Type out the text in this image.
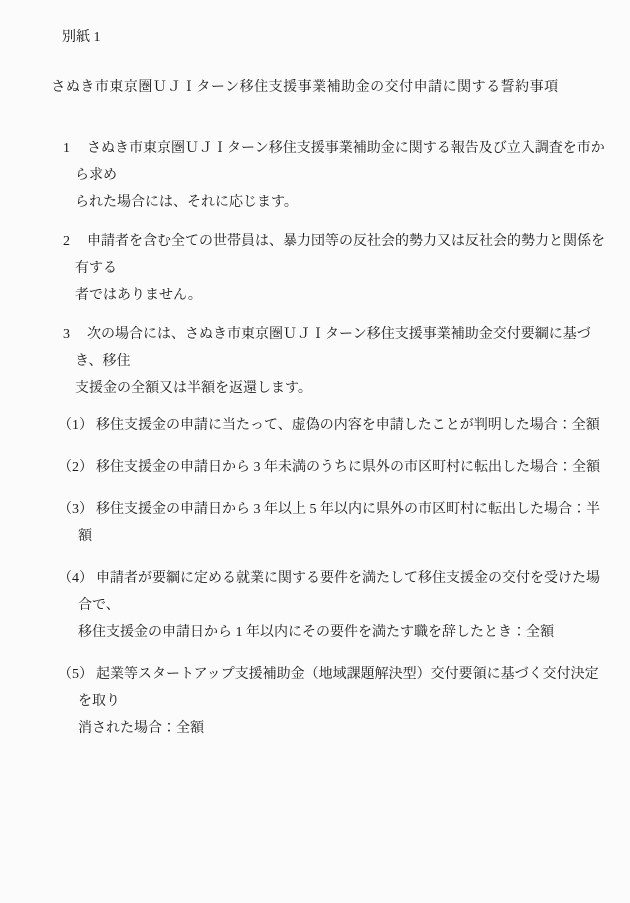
別紙 1
さぬき市東京圏ＵＪＩターン移住支援事業補助金の交付申請に関する誓約事項
1	さぬき市東京圏ＵＪＩターン移住支援事業補助金に関する報告及び立入調査を市から求め
られた場合には、それに応じます。
2	申請者を含む全ての世帯員は、暴力団等の反社会的勢力又は反社会的勢力と関係を有する
者ではありません。
3	次の場合には、さぬき市東京圏ＵＪＩターン移住支援事業補助金交付要綱に基づき、移住
支援金の全額又は半額を返還します。
（1） 移住支援金の申請に当たって、虚偽の内容を申請したことが判明した場合：全額
（2） 移住支援金の申請日から 3 年未満のうちに県外の市区町村に転出した場合：全額
（3） 移住支援金の申請日から 3 年以上 5 年以内に県外の市区町村に転出した場合：半額
（4） 申請者が要綱に定める就業に関する要件を満たして移住支援金の交付を受けた場合で、
移住支援金の申請日から 1 年以内にその要件を満たす職を辞したとき：全額
（5） 起業等スタートアップ支援補助金（地域課題解決型）交付要領に基づく交付決定を取り
消された場合：全額
